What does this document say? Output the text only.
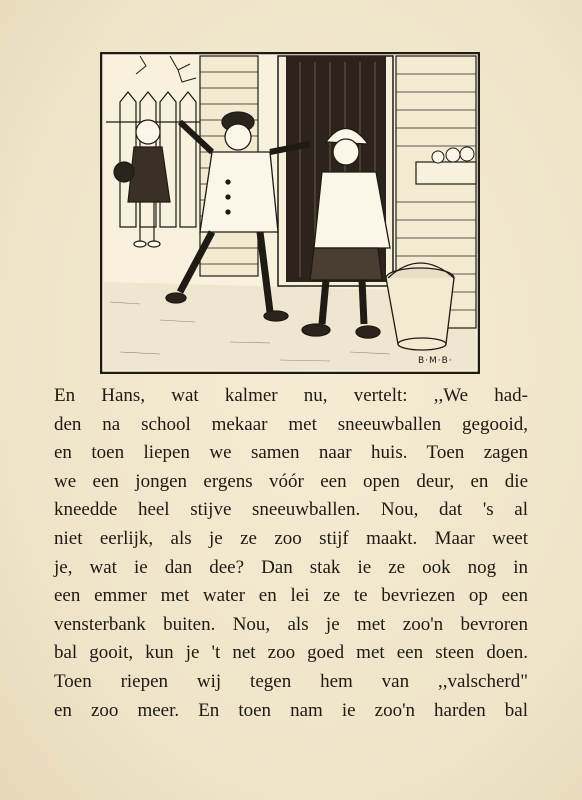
B·M·B·
En Hans, wat kalmer nu, vertelt: ,,We had-
den na school mekaar met sneeuwballen gegooid,
en toen liepen we samen naar huis. Toen zagen
we een jongen ergens vóór een open deur, en die
kneedde heel stijve sneeuwballen. Nou, dat 's al
niet eerlijk, als je ze zoo stijf maakt. Maar weet
je, wat ie dan dee? Dan stak ie ze ook nog in
een emmer met water en lei ze te bevriezen op een
vensterbank buiten. Nou, als je met zoo'n bevroren
bal gooit, kun je 't net zoo goed met een steen doen.
Toen riepen wij tegen hem van ,,valscherd"
en zoo meer. En toen nam ie zoo'n harden bal
